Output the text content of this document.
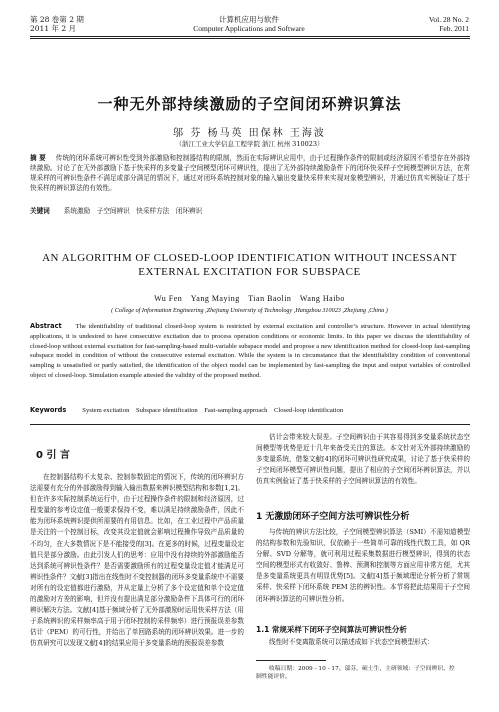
第 28 卷第 2 期
2011 年 2 月
计算机应用与软件
Computer Applications and Software
Vol. 28 No. 2
Feb. 2011
一种无外部持续激励的子空间闭环辨识算法
邬 芬 杨马英 田保林 王海波
（浙江工业大学信息工程学院 浙江 杭州 310023）
摘 要 传统的闭环系统可辨识性受到外部激励和控制器结构的限制，然而在实际辨识应用中，由于过程操作条件的限制或经济原因不希望存在外部持续激励。讨论了在无外部激励下基于快采样的多变量子空间模型闭环可辨识性，提出了无外部持续激励条件下的闭环快采样子空间模型辨识方法，在常规采样的可辨识性条件不满足或部分满足的情况下，通过对闭环系统控制对象的输入输出变量快采样来实现对象模型辨识，并通过仿真实例验证了基于快采样的辨识算法的有效性。
关键词 系统激励　子空间辨识　快采样方法　闭环辨识
AN ALGORITHM OF CLOSED-LOOP IDENTIFICATION WITHOUT INCESSANT
EXTERNAL EXCITATION FOR SUBSPACE
Wu Fen　Yang Maying　Tian Baolin　Wang Haibo
( College of Information Engineering ,Zhejiang University of Technology ,Hangzhou 310023 ,Zhejiang ,China )
Abstract The identifiability of traditional closed-loop system is restricted by external excitation and controller’s structure. However in actual identifying applications, it is undesired to have consecutive excitation due to process operation conditions or economic limits. In this paper we discuss the identifiability of closed-loop without external excitation for fast-sampling-based multi-variable subspace model and propose a new identification method for closed-loop fast-sampling subspace model in condition of without the consecutive external excitation. While the system is in circumstance that the identifiability condition of conventional sampling is unsatisfied or partly satisfied, the identification of the object model can be implemented by fast-sampling the input and output variables of controlled object of closed-loop. Simulation example attested the validity of the proposed method.
Keywords System excitation　Subspace identification　Fast-sampling approach　Closed-loop identification
0 引 言

在控制器结构不太复杂、控制参数固定的情况下，传统的闭环辨识方法需要有充分的外部激励得到输入输出数据来辨识模型结构和参数[1,2]。但在许多实际控制系统运行中，由于过程操作条件的限制和经济原因，过程变量的参考设定值一般要求保持不变，难以满足持续激励条件，因此不能为闭环系统辨识提供所需要的有用信息。比如，在工业过程中产品质量是关注的一个控制目标，改变其设定值就会影响过程操作导致产品质量的不均匀，在大多数情况下是不能接受的[3]。在更多的时候，过程变量设定值只是部分激励。由此引发人们的思考：应用中没有持续的外部激励能否达到系统可辨识性条件？是否需要激励所有的过程变量设定值才能满足可辨识性条件？文献[3]指出在线性时不变控制器的闭环多变量系统中不需要对所有的设定值都进行激励，并从定量上分析了多个设定值和单个设定值的激励对方差的影响，但并没有提出满足部分激励条件下具体可行的闭环辨识解决方法。文献[4]基于频域分析了无外部激励时运用快采样方法（用于系统辨识的采样频率高于用于闭环控制的采样频率）进行预报误差参数估计（PEM）的可行性，并给出了单回路系统的闭环辨识效果。进一步的仿真研究可以发现文献[4]的结果应用于多变量系统的预报误差参数

估计会带来较大误差。子空间辨识由于其容易得到多变量系统状态空间模型等优势是近十几年来备受关注的算法。本文针对无外部持续激励的多变量系统，借鉴文献[4]的闭环可辨识性研究成果，讨论了基于快采样的子空间闭环模型可辨识性问题，提出了相应的子空间闭环辨识算法，并以仿真实例验证了基于快采样的子空间辨识算法的有效性。

1 无激励闭环子空间方法可辨识性分析

与传统的辨识方法比较，子空间模型辨识算法（SMI）不需知道模型的结构参数和先验知识，仅依赖于一些简单可靠的线性代数工具，如 QR 分解、SVD 分解等，就可利用过程采集数据进行模型辨识，得到的状态空间的模型形式有收敛好、鲁棒、预测和控制等方面应用非常方便，尤其是多变量系统更具有明显优势[5]。文献[4]基于频域理论分析分析了常规采样、快采样下闭环系统 PEM 法的辨识性。本节将把此结果用于子空间闭环辨识算法的可辨识性分析。

1.1 常规采样下闭环子空间算法可辨识性分析

线性时不变离散系统可以描述成如下状态空间模型形式：

收稿日期：2009 - 10 - 17。邬芬，硕士生，主研领域：子空间辨识、控
制性能评价。
